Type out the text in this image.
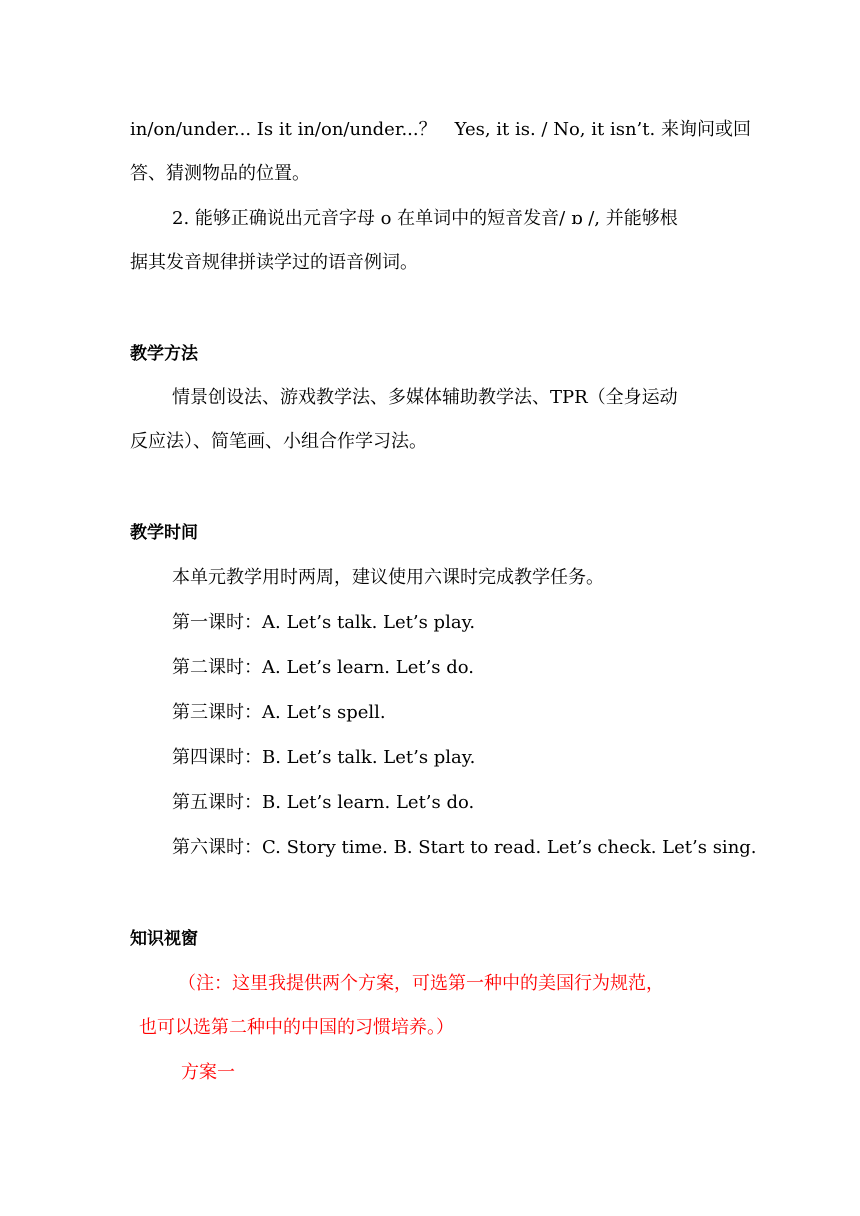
in/on/under... Is it in/on/under...？　Yes, it is. / No, it isn’t. 来询问或回
答、猜测物品的位置。
2. 能够正确说出元音字母 o 在单词中的短音发音/ ɒ /, 并能够根
据其发音规律拼读学过的语音例词。
教学方法
情景创设法、游戏教学法、多媒体辅助教学法、TPR（全身运动
反应法）、简笔画、小组合作学习法。
教学时间
本单元教学用时两周，建议使用六课时完成教学任务。
第一课时：A. Let’s talk. Let’s play.
第二课时：A. Let’s learn. Let’s do.
第三课时：A. Let’s spell.
第四课时：B. Let’s talk. Let’s play.
第五课时：B. Let’s learn. Let’s do.
第六课时：C. Story time. B. Start to read. Let’s check. Let’s sing.
知识视窗
（注：这里我提供两个方案，可选第一种中的美国行为规范，
也可以选第二种中的中国的习惯培养。）
方案一
